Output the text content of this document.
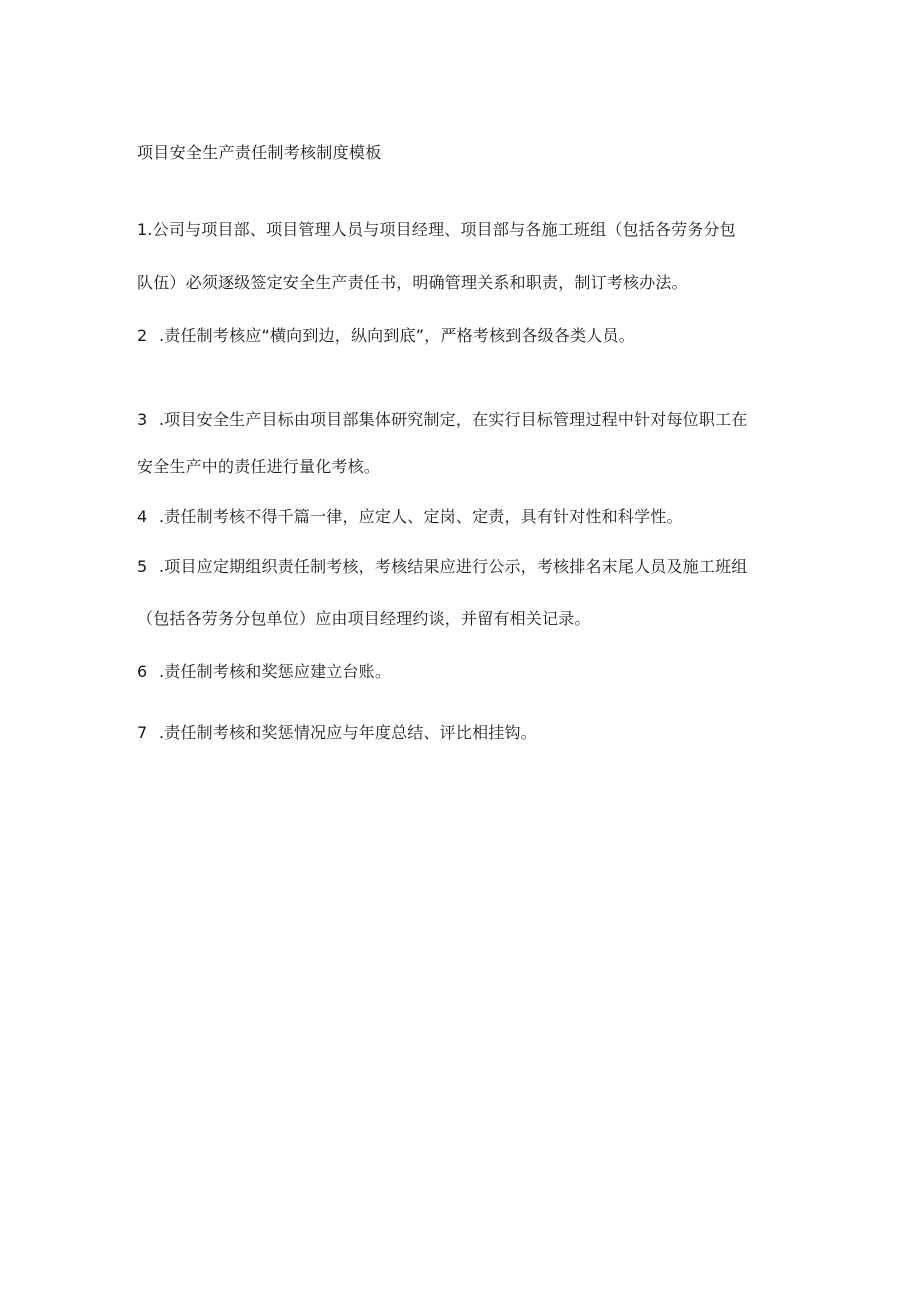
项目安全生产责任制考核制度模板
1.公司与项目部、项目管理人员与项目经理、项目部与各施工班组（包括各劳务分包
队伍）必须逐级签定安全生产责任书，明确管理关系和职责，制订考核办法。
2 .责任制考核应“横向到边，纵向到底”，严格考核到各级各类人员。
3 .项目安全生产目标由项目部集体研究制定，在实行目标管理过程中针对每位职工在
安全生产中的责任进行量化考核。
4 .责任制考核不得千篇一律，应定人、定岗、定责，具有针对性和科学性。
5 .项目应定期组织责任制考核，考核结果应进行公示，考核排名末尾人员及施工班组
（包括各劳务分包单位）应由项目经理约谈，并留有相关记录。
6 .责任制考核和奖惩应建立台账。
7 .责任制考核和奖惩情况应与年度总结、评比相挂钩。
